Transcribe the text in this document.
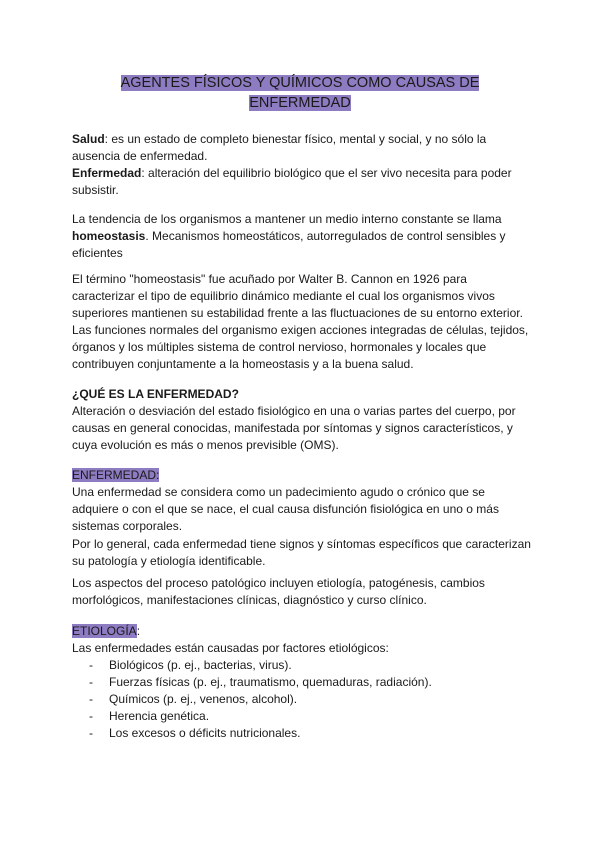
AGENTES FÍSICOS Y QUÍMICOS COMO CAUSAS DE
ENFERMEDAD

Salud: es un estado de completo bienestar físico, mental y social, y no sólo la ausencia de enfermedad.

Enfermedad: alteración del equilibrio biológico que el ser vivo necesita para poder subsistir.

La tendencia de los organismos a mantener un medio interno constante se llama homeostasis. Mecanismos homeostáticos, autorregulados de control sensibles y eficientes

El término "homeostasis" fue acuñado por Walter B. Cannon en 1926 para caracterizar el tipo de equilibrio dinámico mediante el cual los organismos vivos superiores mantienen su estabilidad frente a las fluctuaciones de su entorno exterior. Las funciones normales del organismo exigen acciones integradas de células, tejidos, órganos y los múltiples sistema de control nervioso, hormonales y locales que contribuyen conjuntamente a la homeostasis y a la buena salud.

¿QUÉ ES LA ENFERMEDAD?

Alteración o desviación del estado fisiológico en una o varias partes del cuerpo, por causas en general conocidas, manifestada por síntomas y signos característicos, y cuya evolución es más o menos previsible (OMS).

ENFERMEDAD:

Una enfermedad se considera como un padecimiento agudo o crónico que se adquiere o con el que se nace, el cual causa disfunción fisiológica en uno o más sistemas corporales.

Por lo general, cada enfermedad tiene signos y síntomas específicos que caracterizan su patología y etiología identificable.

Los aspectos del proceso patológico incluyen etiología, patogénesis, cambios morfológicos, manifestaciones clínicas, diagnóstico y curso clínico.

ETIOLOGÍA:

Las enfermedades están causadas por factores etiológicos:

- Biológicos (p. ej., bacterias, virus).
- Fuerzas físicas (p. ej., traumatismo, quemaduras, radiación).
- Químicos (p. ej., venenos, alcohol).
- Herencia genética.
- Los excesos o déficits nutricionales.
